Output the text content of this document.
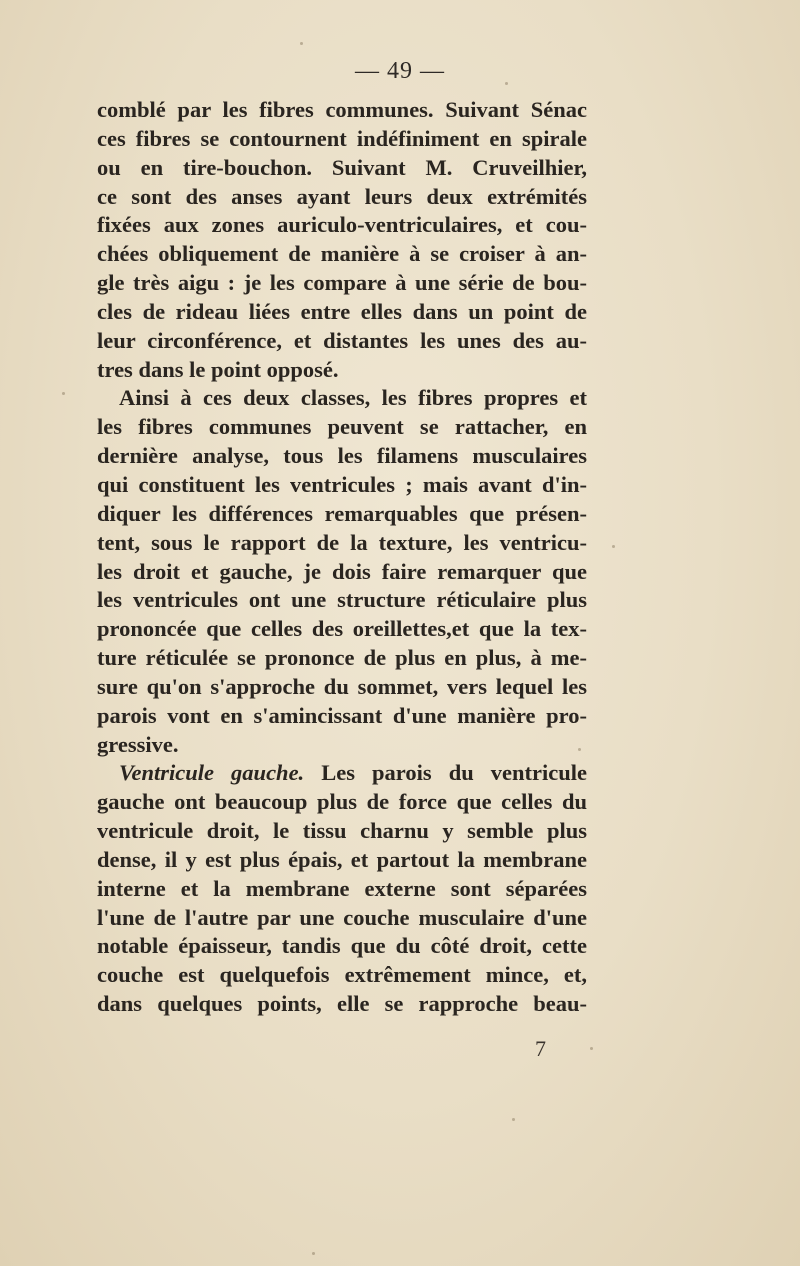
— 49 —
comblé par les fibres communes. Suivant Sénac
ces fibres se contournent indéfiniment en spirale
ou en tire-bouchon. Suivant M. Cruveilhier,
ce sont des anses ayant leurs deux extrémités
fixées aux zones auriculo-ventriculaires, et cou-
chées obliquement de manière à se croiser à an-
gle très aigu : je les compare à une série de bou-
cles de rideau liées entre elles dans un point de
leur circonférence, et distantes les unes des au-
tres dans le point opposé.
Ainsi à ces deux classes, les fibres propres et
les fibres communes peuvent se rattacher, en
dernière analyse, tous les filamens musculaires
qui constituent les ventricules ; mais avant d'in-
diquer les différences remarquables que présen-
tent, sous le rapport de la texture, les ventricu-
les droit et gauche, je dois faire remarquer que
les ventricules ont une structure réticulaire plus
prononcée que celles des oreillettes,et que la tex-
ture réticulée se prononce de plus en plus, à me-
sure qu'on s'approche du sommet, vers lequel les
parois vont en s'amincissant d'une manière pro-
gressive.
Ventricule gauche. Les parois du ventricule
gauche ont beaucoup plus de force que celles du
ventricule droit, le tissu charnu y semble plus
dense, il y est plus épais, et partout la membrane
interne et la membrane externe sont séparées
l'une de l'autre par une couche musculaire d'une
notable épaisseur, tandis que du côté droit, cette
couche est quelquefois extrêmement mince, et,
dans quelques points, elle se rapproche beau-
7
